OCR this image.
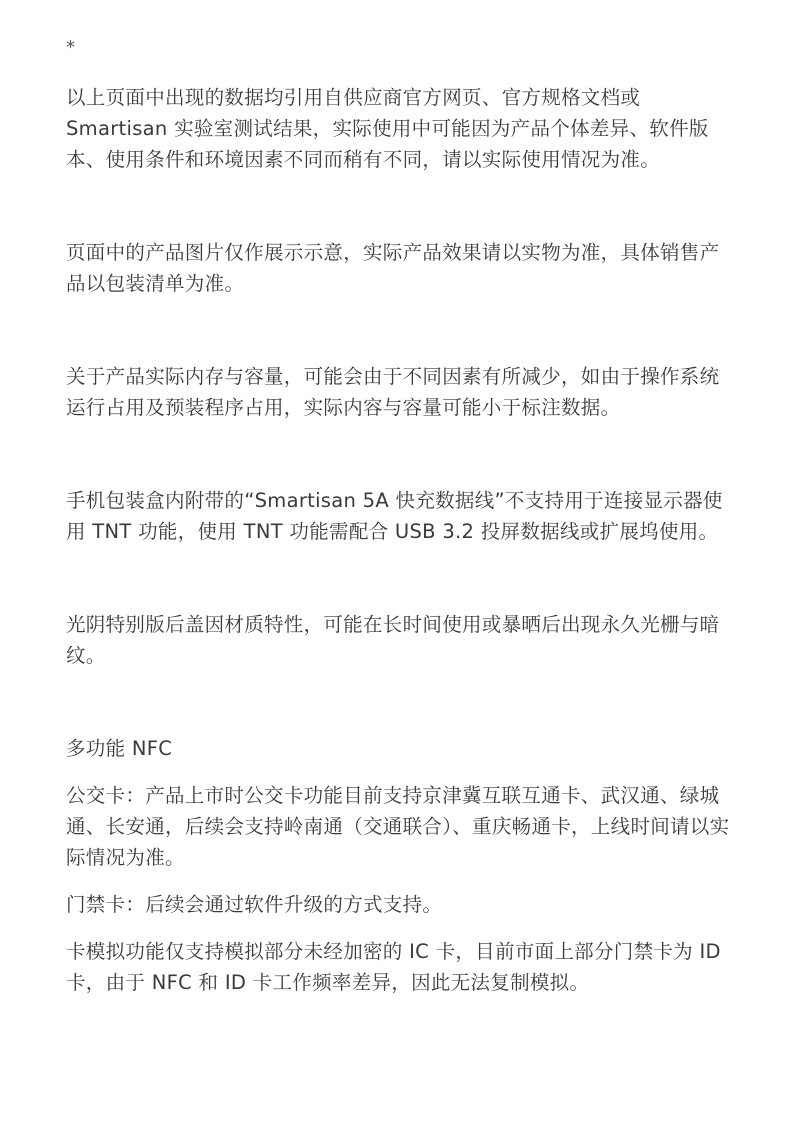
*

以上页面中出现的数据均引用自供应商官方网页、官方规格文档或 Smartisan 实验室测试结果，实际使用中可能因为产品个体差异、软件版本、使用条件和环境因素不同而稍有不同，请以实际使用情况为准。

页面中的产品图片仅作展示示意，实际产品效果请以实物为准，具体销售产品以包装清单为准。

关于产品实际内存与容量，可能会由于不同因素有所减少，如由于操作系统运行占用及预装程序占用，实际内容与容量可能小于标注数据。

手机包装盒内附带的“Smartisan 5A 快充数据线”不支持用于连接显示器使用 TNT 功能，使用 TNT 功能需配合 USB 3.2 投屏数据线或扩展坞使用。

光阴特别版后盖因材质特性，可能在长时间使用或暴晒后出现永久光栅与暗纹。

多功能 NFC

公交卡：产品上市时公交卡功能目前支持京津冀互联互通卡、武汉通、绿城通、长安通，后续会支持岭南通（交通联合）、重庆畅通卡，上线时间请以实际情况为准。

门禁卡：后续会通过软件升级的方式支持。

卡模拟功能仅支持模拟部分未经加密的 IC 卡，目前市面上部分门禁卡为 ID 卡，由于 NFC 和 ID 卡工作频率差异，因此无法复制模拟。
